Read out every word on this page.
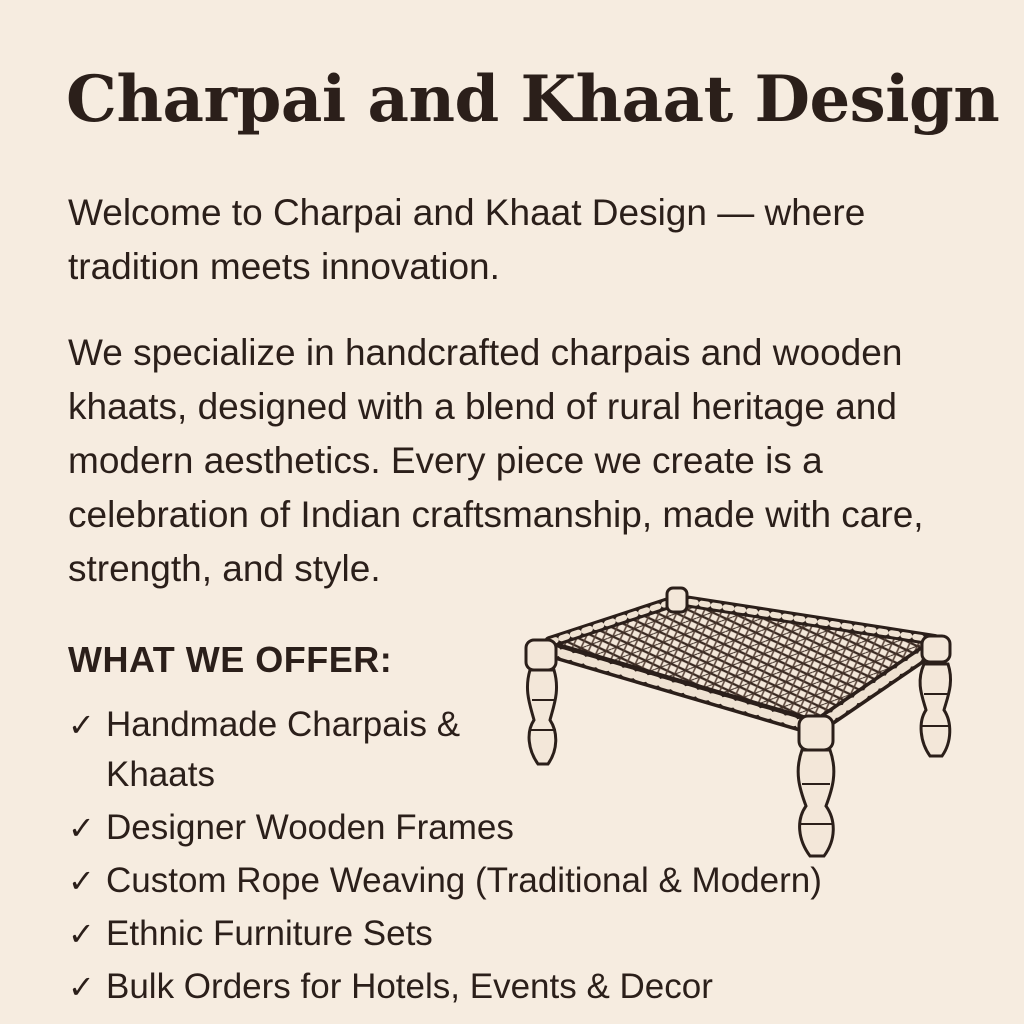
Charpai and Khaat Design

Welcome to Charpai and Khaat Design — where tradition meets innovation.

We specialize in handcrafted charpais and wooden khaats, designed with a blend of rural heritage and modern aesthetics. Every piece we create is a celebration of Indian craftsmanship, made with care, strength, and style.

WHAT WE OFFER:
✓ Handmade Charpais & Khaats
✓ Designer Wooden Frames
✓ Custom Rope Weaving (Traditional & Modern)
✓ Ethnic Furniture Sets
✓ Bulk Orders for Hotels, Events & Decor
